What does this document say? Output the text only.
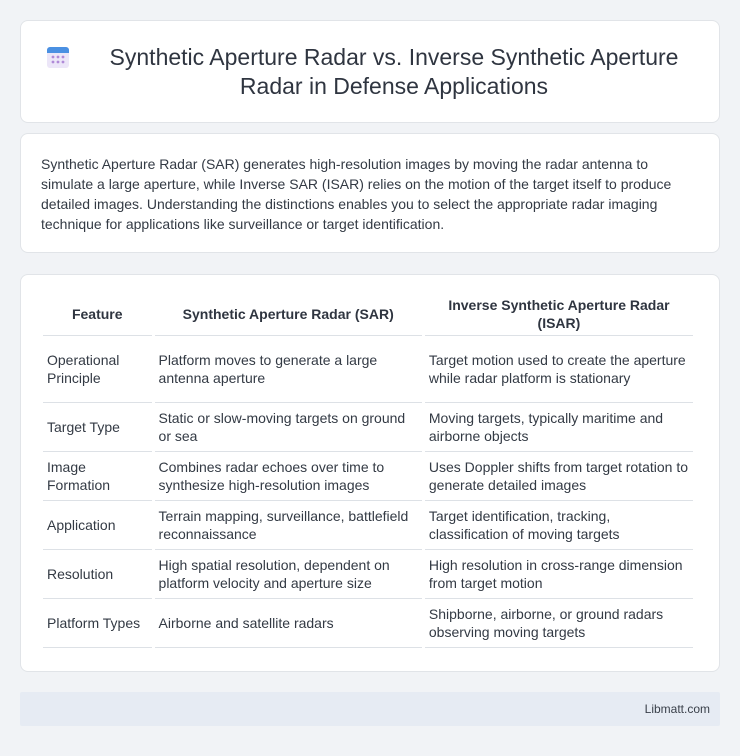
Synthetic Aperture Radar vs. Inverse Synthetic Aperture Radar in Defense Applications

Synthetic Aperture Radar (SAR) generates high-resolution images by moving the radar antenna to simulate a large aperture, while Inverse SAR (ISAR) relies on the motion of the target itself to produce detailed images. Understanding the distinctions enables you to select the appropriate radar imaging technique for applications like surveillance or target identification.

Feature	Synthetic Aperture Radar (SAR)	Inverse Synthetic Aperture Radar (ISAR)
Operational Principle	Platform moves to generate a large antenna aperture	Target motion used to create the aperture while radar platform is stationary
Target Type	Static or slow-moving targets on ground or sea	Moving targets, typically maritime and airborne objects
Image Formation	Combines radar echoes over time to synthesize high-resolution images	Uses Doppler shifts from target rotation to generate detailed images
Application	Terrain mapping, surveillance, battlefield reconnaissance	Target identification, tracking, classification of moving targets
Resolution	High spatial resolution, dependent on platform velocity and aperture size	High resolution in cross-range dimension from target motion
Platform Types	Airborne and satellite radars	Shipborne, airborne, or ground radars observing moving targets
Libmatt.com
